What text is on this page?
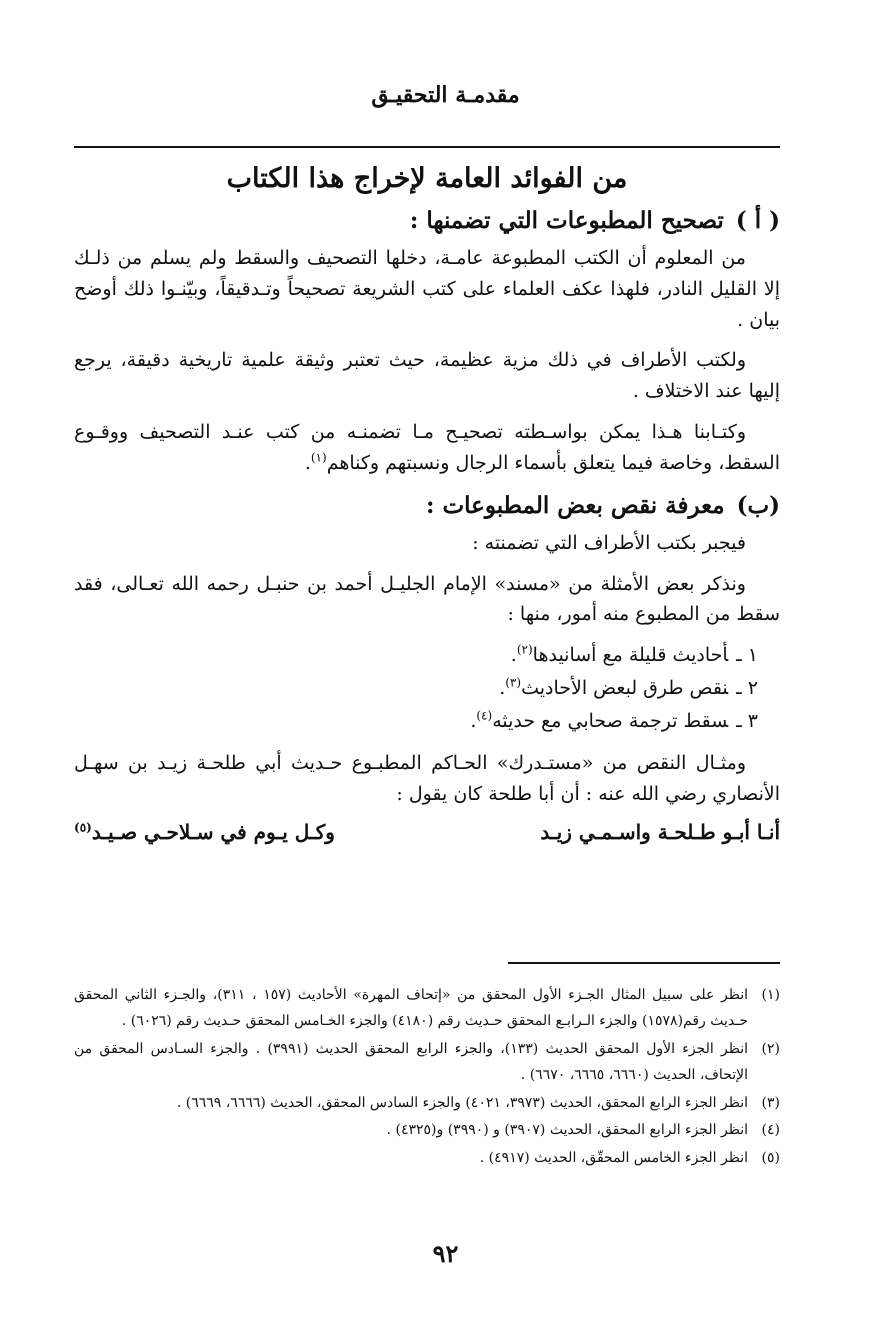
مقدمـة التحقيـق
من الفوائد العامة لإخراج هذا الكتاب
( أ )تصحيح المطبوعات التي تضمنها :

من المعلوم أن الكتب المطبوعة عامـة، دخلها التصحيف والسقط ولم يسلم من ذلـك إلا القليل النادر، فلهذا عكف العلماء على كتب الشريعة تصحيحاً وتـدقيقاً، وبيّنـوا ذلك أوضح بيان .

ولكتب الأطراف في ذلك مزية عظيمة، حيث تعتبر وثيقة علمية تاريخية دقيقة، يرجع إليها عند الاختلاف .

وكتـابنا هـذا يمكن بواسـطته تصحيـح مـا تضمنـه من كتب عنـد التصحيف ووقـوع السقط، وخاصة فيما يتعلق بأسماء الرجال ونسبتهم وكناهم$^{(١)}$.

(ب)معرفة نقص بعض المطبوعات :

فيجبر بكتب الأطراف التي تضمنته :

ونذكر بعض الأمثلة من «مسند» الإمام الجليـل أحمد بن حنبـل رحمه الله تعـالى، فقد سقط من المطبوع منه أمور، منها :

١ ـأحاديث قليلة مع أسانيدها$^{(٢)}$.
٢ ـنقص طرق لبعض الأحاديث$^{(٣)}$.
٣ ـسقط ترجمة صحابي مع حديثه$^{(٤)}$.

ومثـال النقص من «مستـدرك» الحـاكم المطبـوع حـديث أبي طلحـة زيـد بن سهـل الأنصاري رضي الله عنه : أن أبا طلحة كان يقول :

أنـا أبـو طـلحـة واسـمـي زيـد
وكـل يـوم في سـلاحـي صـيـد$^{(٥)}$
(١)
انظر على سبيل المثال الجـزء الأول المحقق من «إتحاف المهرة» الأحاديث (١٥٧ ، ٣١١)، والجـزء الثاني المحقق حـديث رقم(١٥٧٨) والجزء الـرابـع المحقق حـديث رقم (٤١٨٠) والجزء الخـامس المحقق حـديث رقم (٦٠٢٦) .
(٢)
انظر الجزء الأول المحقق الحديث (١٣٣)، والجزء الرابع المحقق الحديث (٣٩٩١) . والجزء السـادس المحقق من الإتحاف، الحديث (٦٦٦٠، ٦٦٦٥، ٦٦٧٠) .
(٣)
انظر الجزء الرابع المحقق، الحديث (٣٩٧٣، ٤٠٢١) والجزء السادس المحقق، الحديث (٦٦٦٦، ٦٦٦٩) .
(٤)
انظر الجزء الرابع المحقق، الحديث (٣٩٠٧) و (٣٩٩٠) و(٤٣٢٥) .
(٥)
انظر الجزء الخامس المحقّق، الحديث (٤٩١٧) .
٩٢
